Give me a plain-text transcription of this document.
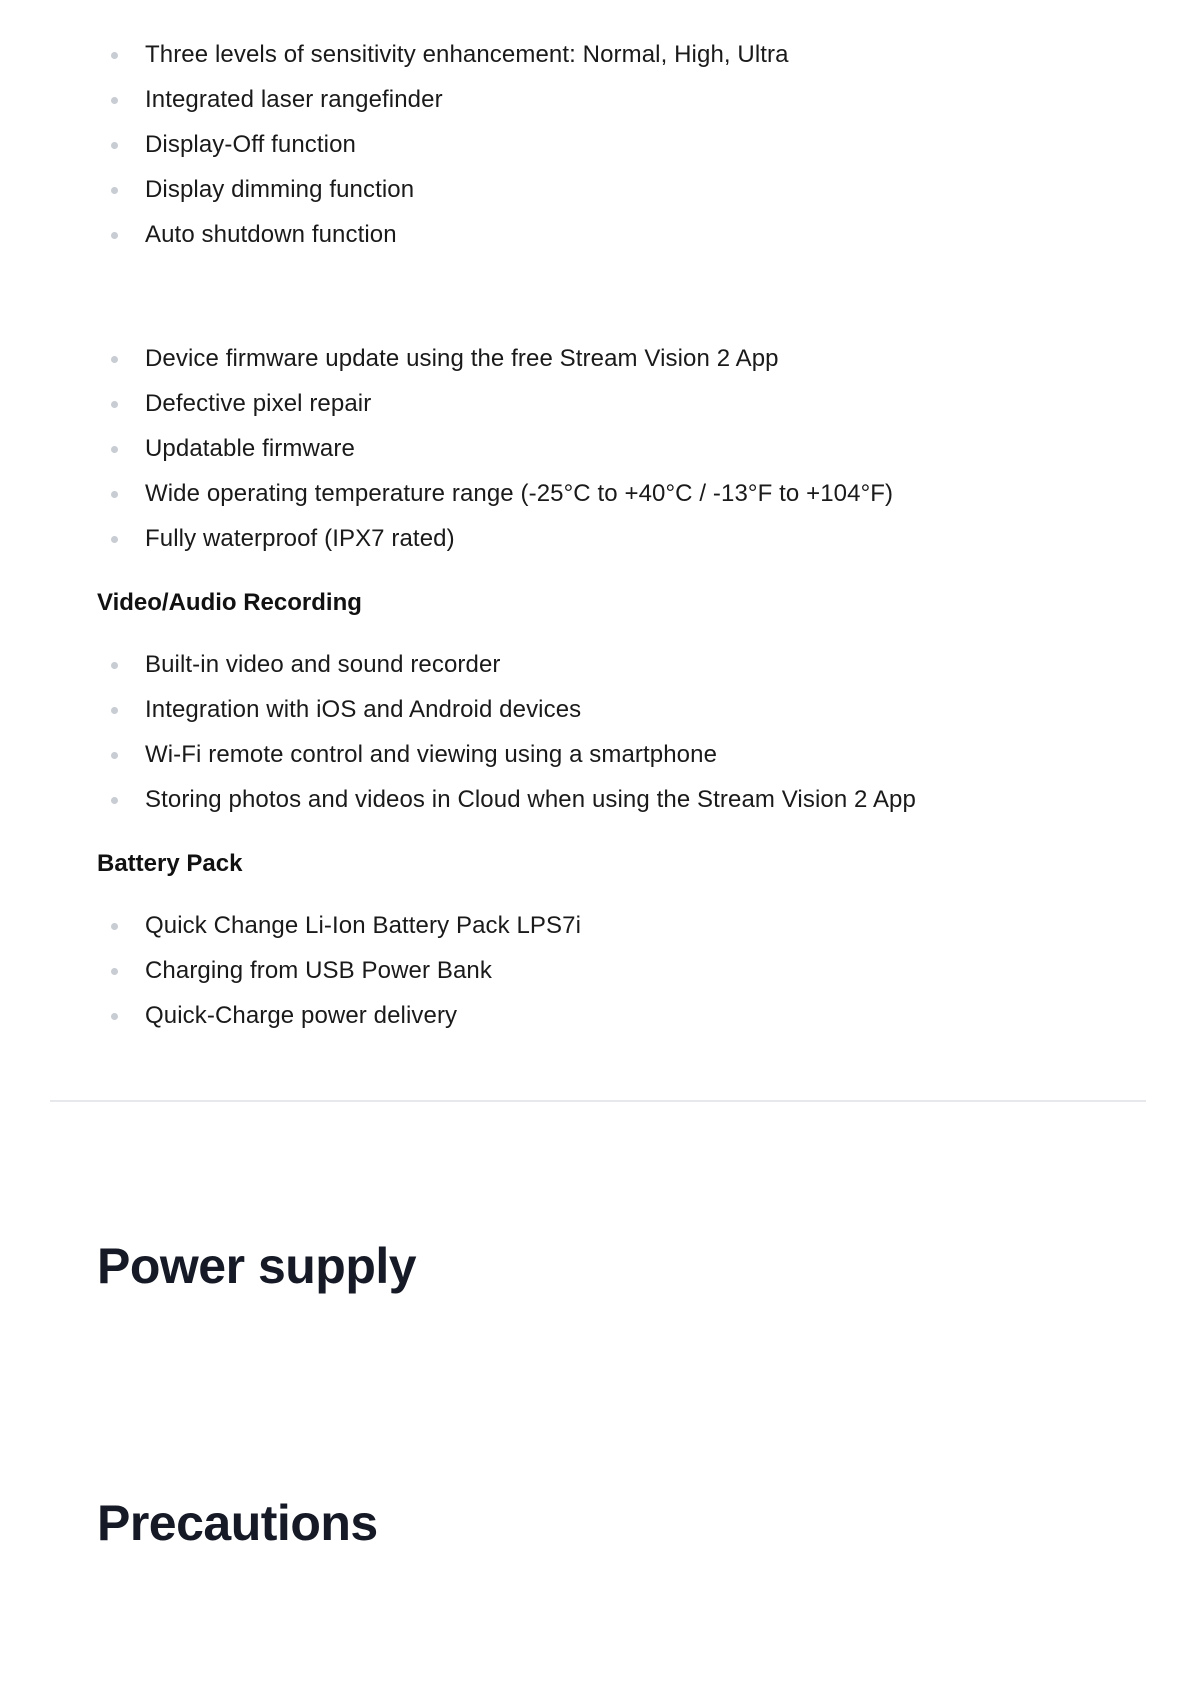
Three levels of sensitivity enhancement: Normal, High, Ultra
Integrated laser rangefinder
Display-Off function
Display dimming function
Auto shutdown function
Device firmware update using the free Stream Vision 2 App
Defective pixel repair
Updatable firmware
Wide operating temperature range (-25°C to +40°C / -13°F to +104°F)
Fully waterproof (IPX7 rated)
Video/Audio Recording
Built-in video and sound recorder
Integration with iOS and Android devices
Wi-Fi remote control and viewing using a smartphone
Storing photos and videos in Cloud when using the Stream Vision 2 App
Battery Pack
Quick Change Li-Ion Battery Pack LPS7i
Charging from USB Power Bank
Quick-Charge power delivery
Power supply
Precautions
